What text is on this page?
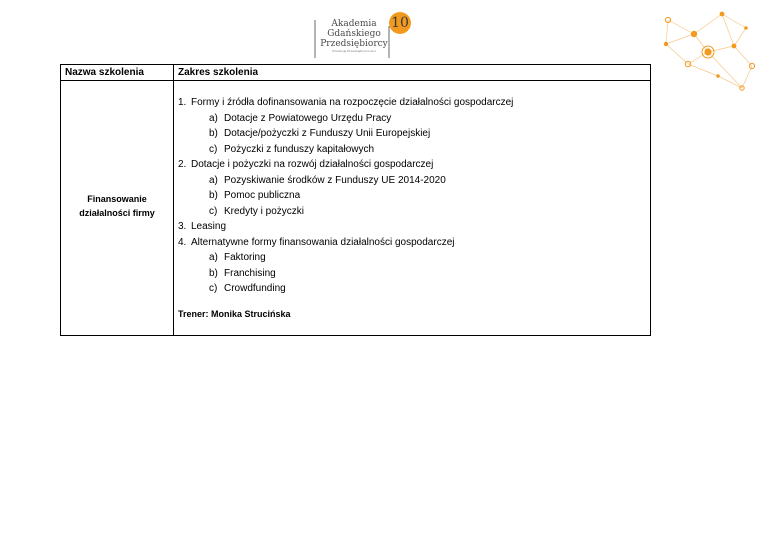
Akademia
Gdańskiego
Przedsiębiorcy
Fundacja Przedsiębiorczości
10
Nazwa szkolenia	Zakres szkolenia
Finansowanie
działalności firmy
1. Formy i źródła dofinansowania na rozpoczęcie działalności gospodarczej
a) Dotacje z Powiatowego Urzędu Pracy
b) Dotacje/pożyczki z Funduszy Unii Europejskiej
c) Pożyczki z funduszy kapitałowych
2. Dotacje i pożyczki na rozwój działalności gospodarczej
a) Pozyskiwanie środków z Funduszy UE 2014-2020
b) Pomoc publiczna
c) Kredyty i pożyczki
3. Leasing
4. Alternatywne formy finansowania działalności gospodarczej
a) Faktoring
b) Franchising
c) Crowdfunding
Trener: Monika Strucińska
